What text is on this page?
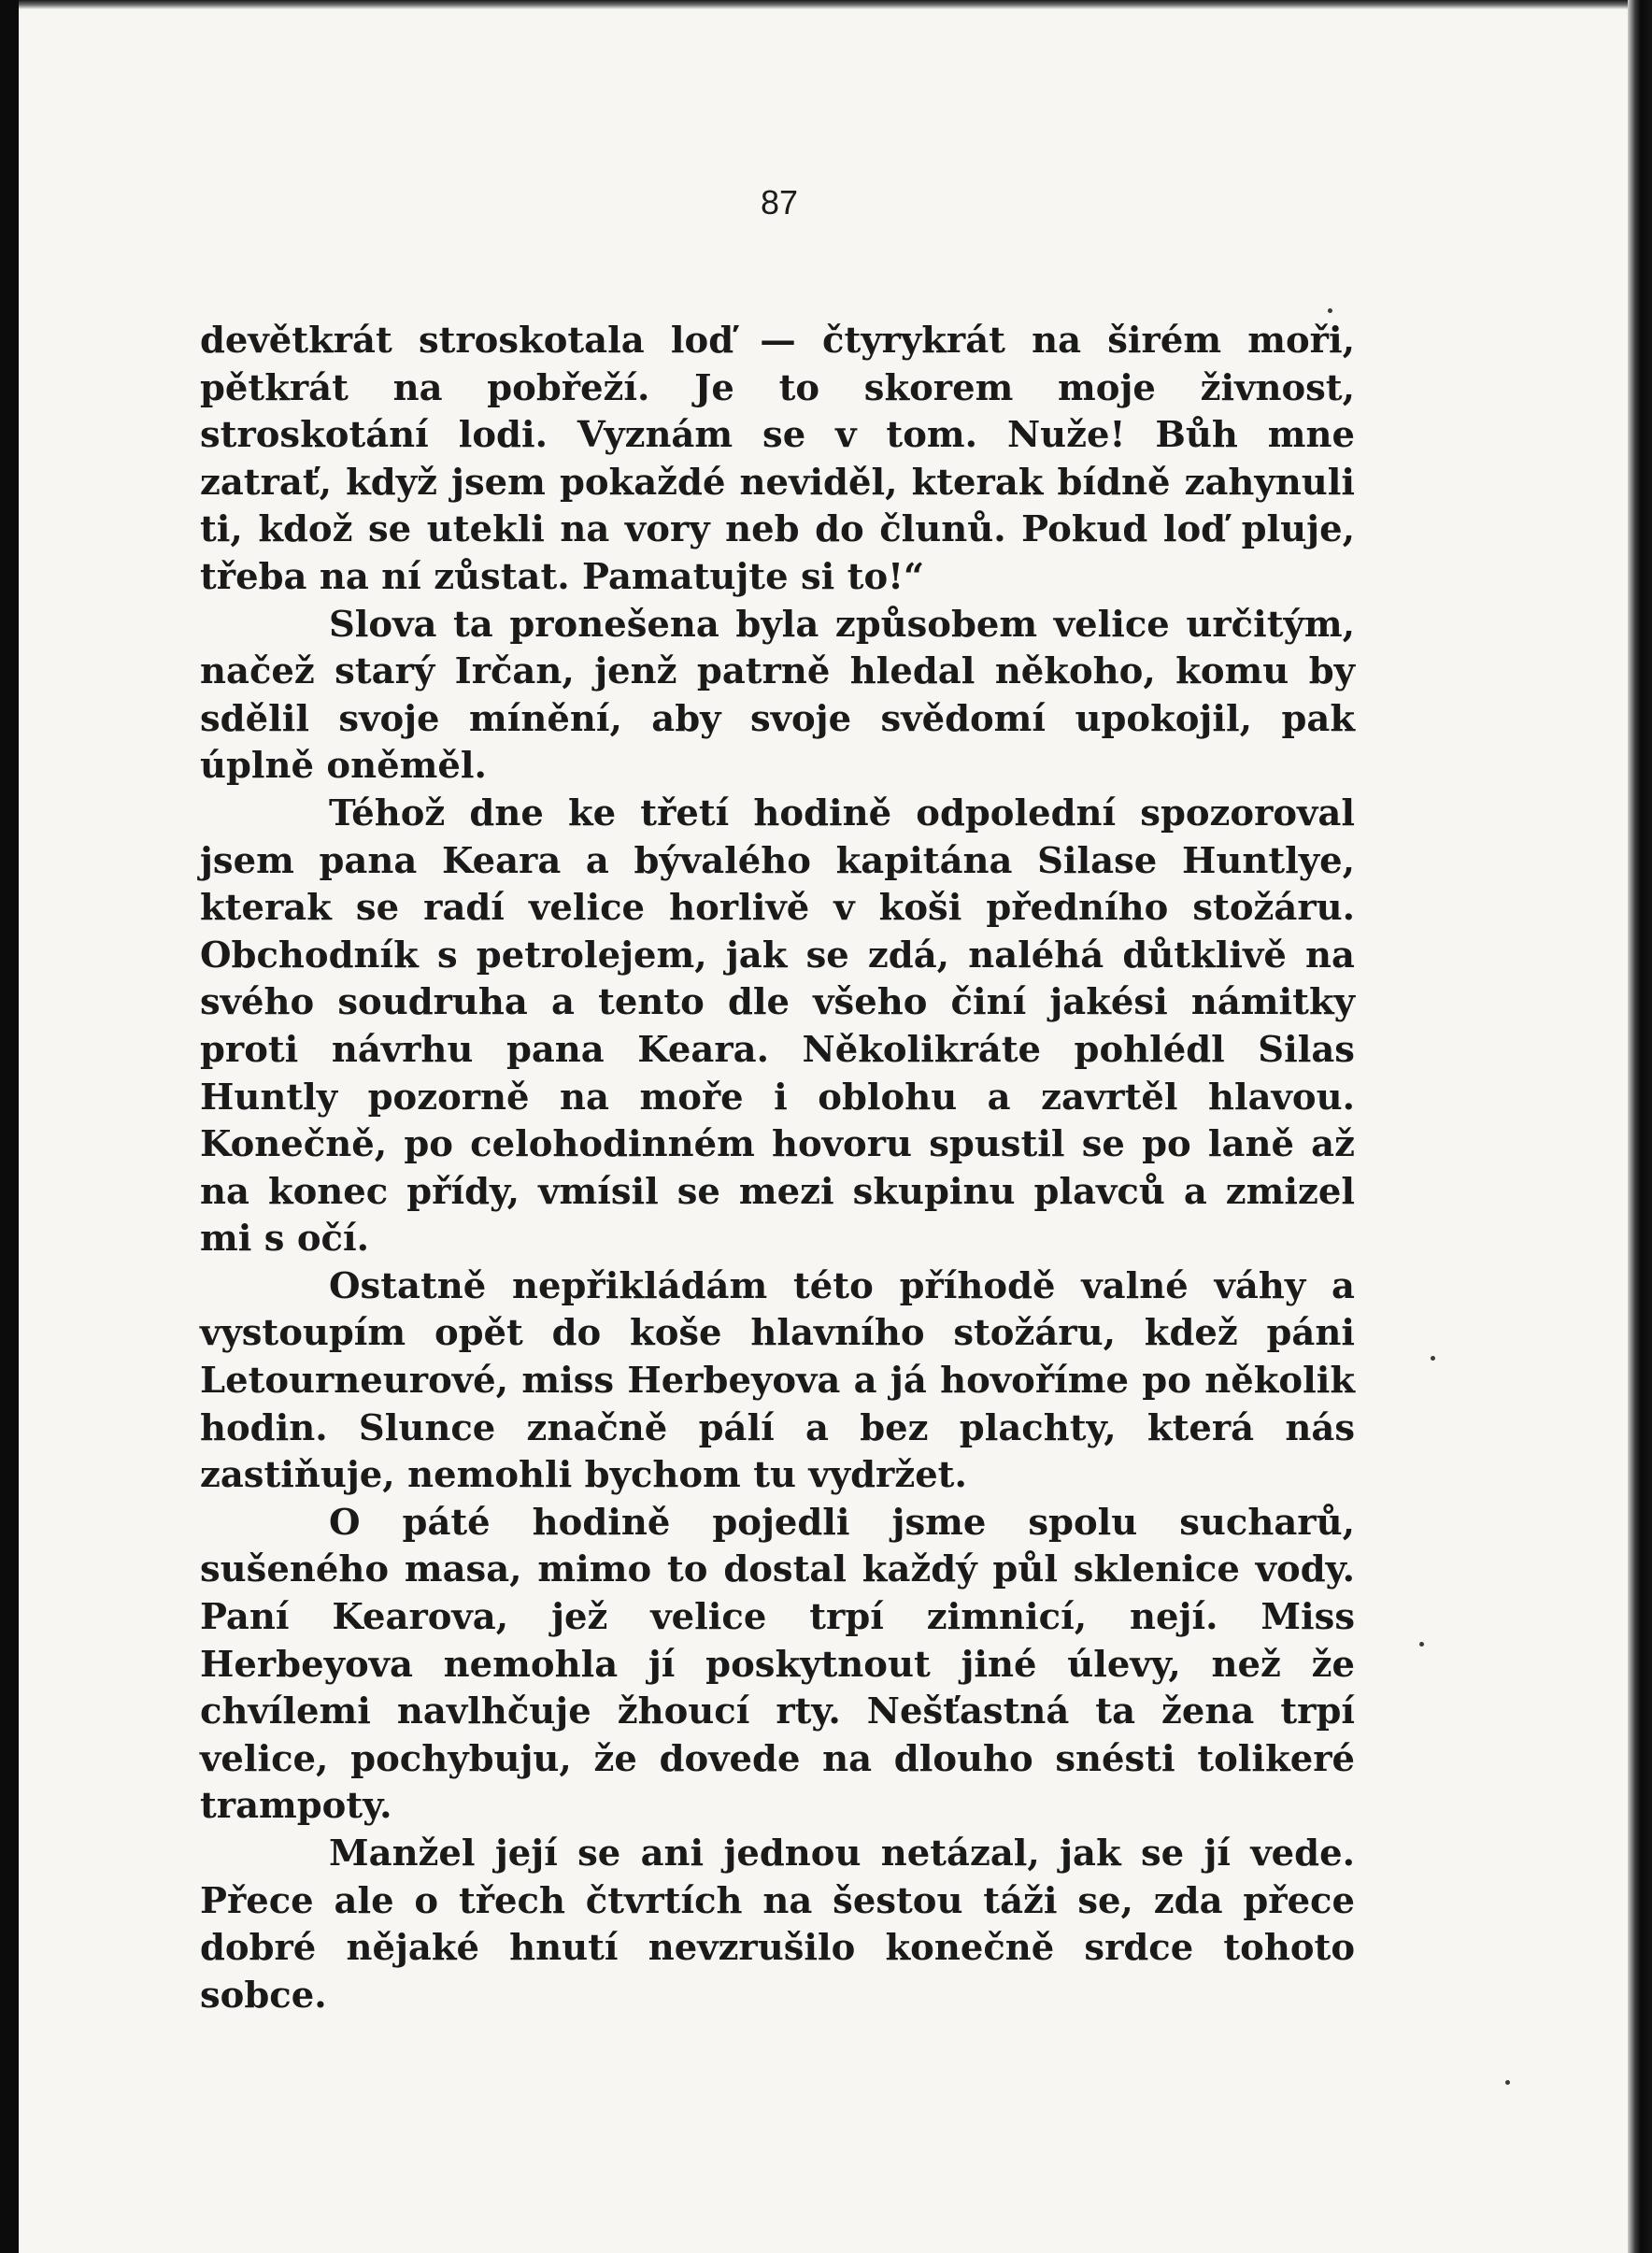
87

devětkrát stroskotala loď — čtyrykrát na širém moři, pětkrát na pobřeží. Je to skorem moje živnost, stroskotání lodi. Vyznám se v tom. Nuže! Bůh mne zatrať, když jsem pokaždé neviděl, kterak bídně zahynuli ti, kdož se utekli na vory neb do člunů. Pokud loď pluje, třeba na ní zůstat. Pamatujte si to!“

Slova ta pronešena byla způsobem velice určitým, načež starý Irčan, jenž patrně hledal někoho, komu by sdělil svoje mínění, aby svoje svědomí upokojil, pak úplně oněměl.

Téhož dne ke třetí hodině odpolední spozoroval jsem pana Keara a bývalého kapitána Silase Huntlye, kterak se radí velice horlivě v koši předního stožáru. Obchodník s petrolejem, jak se zdá, naléhá důtklivě na svého soudruha a tento dle všeho činí jakési námitky proti návrhu pana Keara. Několikráte pohlédl Silas Huntly pozorně na moře i oblohu a zavrtěl hlavou. Konečně, po celohodinném hovoru spustil se po laně až na konec přídy, vmísil se mezi skupinu plavců a zmizel mi s očí.

Ostatně nepřikládám této příhodě valné váhy a vystoupím opět do koše hlavního stožáru, kdež páni Letourneurové, miss Herbeyova a já hovoříme po několik hodin. Slunce značně pálí a bez plachty, která nás zastiňuje, nemohli bychom tu vydržet.

O páté hodině pojedli jsme spolu sucharů, sušeného masa, mimo to dostal každý půl sklenice vody. Paní Kearova, jež velice trpí zimnicí, nejí. Miss Herbeyova nemohla jí poskytnout jiné úlevy, než že chvílemi navlhčuje žhoucí rty. Nešťastná ta žena trpí velice, pochybuju, že dovede na dlouho snésti tolikeré trampoty.

Manžel její se ani jednou netázal, jak se jí vede. Přece ale o třech čtvrtích na šestou táži se, zda přece dobré nějaké hnutí nevzrušilo konečně srdce tohoto sobce.
